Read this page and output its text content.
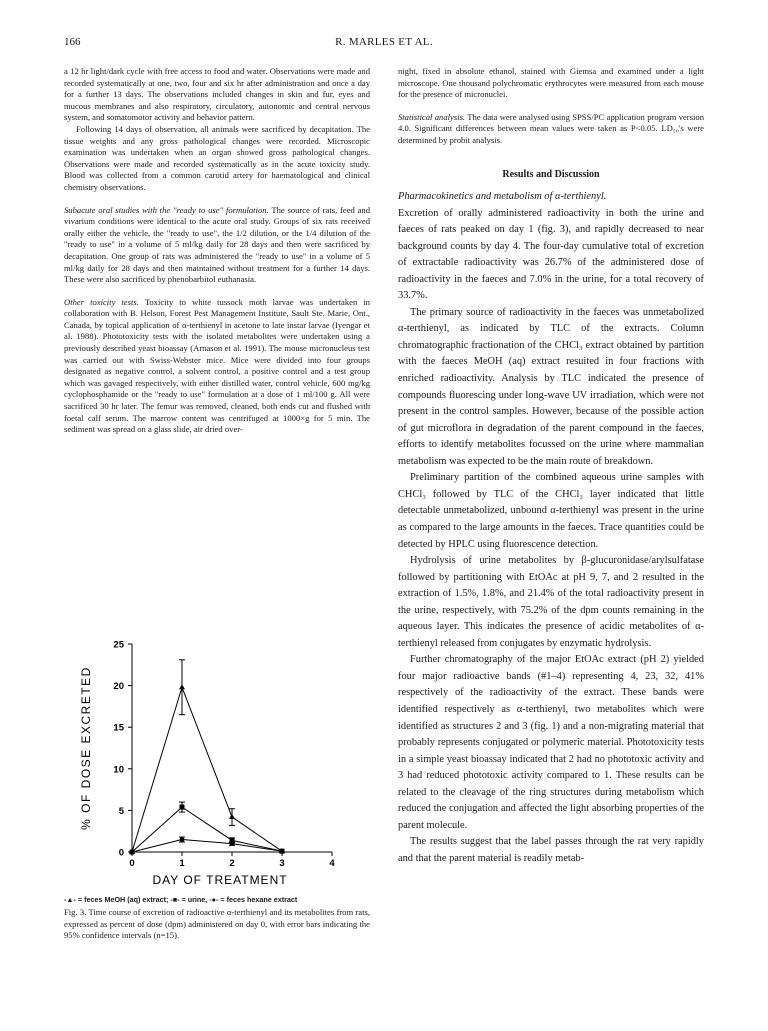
166	R. MARLES ET AL.

a 12 hr light/dark cycle with free access to food and water. Observations were made and recorded systematically at one, two, four and six hr after administration and once a day for a further 13 days. The observations included changes in skin and fur, eyes and mucous membranes and also respiratory, circulatory, autonomic and central nervous system, and somatomotor activity and behavior pattern.

Following 14 days of observation, all animals were sacrificed by decapitation. The tissue weights and any gross pathological changes were recorded. Microscopic examination was undertaken when an organ showed gross pathological changes. Observations were made and recorded systematically as in the acute toxicity study. Blood was collected from a common carotid artery for haematological and clinical chemistry observations.

Subacute oral studies with the "ready to use" formulation. The source of rats, feed and vivarium conditions were identical to the acute oral study. Groups of six rats received orally either the vehicle, the "ready to use", the 1/2 dilution, or the 1/4 dilution of the "ready to use" in a volume of 5 ml/kg daily for 28 days and then were sacrificed by decapitation. One group of rats was administered the "ready to use" in a volume of 5 ml/kg daily for 28 days and then maintained without treatment for a further 14 days. These were also sacrificed by phenobarbitol euthanasia.

Other toxicity tests. Toxicity to white tussock moth larvae was undertaken in collaboration with B. Helson, Forest Pest Management Institute, Sault Ste. Marie, Ont., Canada, by topical application of α-terthienyl in acetone to late instar larvae (Iyengar et al. 1988). Phototoxicity tests with the isolated metabolites were undertaken using a previously described yeast bioassay (Arnason et al. 1991). The mouse micronucleus test was carried out with Swiss-Webster mice. Mice were divided into four groups designated as negative control, a solvent control, a positive control and a test group which was gavaged respectively, with either distilled water, control vehicle, 600 mg/kg cyclophosphamide or the "ready to use" formulation at a dose of 1 ml/100 g. All were sacrificed 30 hr later. The femur was removed, cleaned, both ends cut and flushed with foetal calf serum. The marrow content was centrifuged at 1000×g for 5 min. The sediment was spread on a glass slide, air dried over-

0
5
10
15
20
25
0	1	2	3	4
DAY OF TREATMENT
% OF DOSE EXCRETED
-▲- = feces MeOH (aq) extract; -■- = urine, -●- = feces hexane extract
Fig. 3. Time course of excretion of radioactive α-terthienyl and its metabolites from rats, expressed as percent of dose (dpm) administered on day 0, with error bars indicating the 95% confidence intervals (n=15).

night, fixed in absolute ethanol, stained with Giemsa and examined under a light microscope. One thousand polychromatic erythrocytes were measured from each mouse for the presence of micronuclei.

Statistical analysis. The data were analysed using SPSS/PC application program version 4.0. Significant differences between mean values were taken as P<0.05. LD₅₀'s were determined by probit analysis.

Results and Discussion
Pharmacokinetics and metabolism of α-terthienyl.

Excretion of orally administered radioactivity in both the urine and faeces of rats peaked on day 1 (fig. 3), and rapidly decreased to near background counts by day 4. The four-day cumulative total of excretion of extractable radioactivity was 26.7% of the administered dose of radioactivity in the faeces and 7.0% in the urine, for a total recovery of 33.7%.

The primary source of radioactivity in the faeces was unmetabolized α-terthienyl, as indicated by TLC of the extracts. Column chromatographic fractionation of the CHCl₃ extract obtained by partition with the faeces MeOH (aq) extract resuited in four fractions with enriched radioactivity. Analysis by TLC indicated the presence of compounds fluorescing under long-wave UV irradiation, which were not present in the control samples. However, because of the possible action of gut microflora in degradation of the parent compound in the faeces, efforts to identify metabolites focussed on the urine where mammalian metabolism was expected to be the main route of breakdown.

Preliminary partition of the combined aqueous urine samples with CHCl₃ followed by TLC of the CHCl₃ layer indicated that little detectable unmetabolized, unbound α-terthienyl was present in the urine as compared to the large amounts in the faeces. Trace quantities could be detected by HPLC using fluorescence detection.

Hydrolysis of urine metabolites by β-glucuronidase/arylsulfatase followed by partitioning with EtOAc at pH 9, 7, and 2 resulted in the extraction of 1.5%, 1.8%, and 21.4% of the total radioactivity present in the urine, respectively, with 75.2% of the dpm counts remaining in the aqueous layer. This indicates the presence of acidic metabolites of α-terthienyl released from conjugates by enzymatic hydrolysis.

Further chromatography of the major EtOAc extract (pH 2) yielded four major radioactive bands (#1–4) representing 4, 23, 32, 41% respectively of the radioactivity of the extract. These bands were identified respectively as α-terthienyl, two metabolites which were identified as structures 2 and 3 (fig. 1) and a non-migrating material that probably represents conjugated or polymeric material. Phototoxicity tests in a simple yeast bioassay indicated that 2 had no phototoxic activity and 3 had reduced phototoxic activity compared to 1. These results can be related to the cleavage of the ring structures during metabolism which reduced the conjugation and affected the light absorbing properties of the parent molecule.

The results suggest that the label passes through the rat very rapidly and that the parent material is readily metab-
